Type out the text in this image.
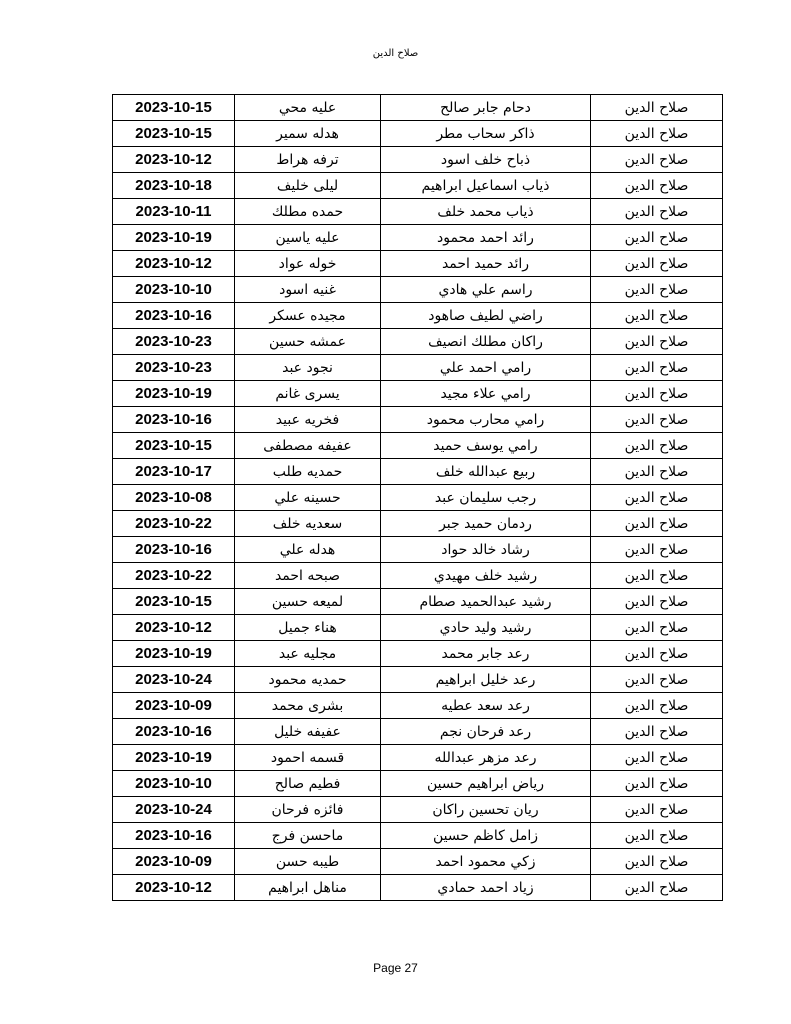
صلاح الدين
2023-10-15	عليه محي	دحام جابر صالح	صلاح الدين
2023-10-15	هدله سمير	ذاكر سحاب مطر	صلاح الدين
2023-10-12	ترفه هراط	ذباح خلف اسود	صلاح الدين
2023-10-18	ليلى خليف	ذياب اسماعيل ابراهيم	صلاح الدين
2023-10-11	حمده مطلك	ذياب محمد خلف	صلاح الدين
2023-10-19	عليه ياسين	رائد احمد محمود	صلاح الدين
2023-10-12	خوله عواد	رائد حميد احمد	صلاح الدين
2023-10-10	غنيه اسود	راسم علي هادي	صلاح الدين
2023-10-16	مجيده عسكر	راضي لطيف صاهود	صلاح الدين
2023-10-23	عمشه حسين	راكان مطلك انصيف	صلاح الدين
2023-10-23	نجود عبد	رامي احمد علي	صلاح الدين
2023-10-19	يسرى غانم	رامي علاء مجيد	صلاح الدين
2023-10-16	فخريه عبيد	رامي محارب محمود	صلاح الدين
2023-10-15	عفيفه مصطفى	رامي يوسف حميد	صلاح الدين
2023-10-17	حمديه طلب	ربيع عبدالله خلف	صلاح الدين
2023-10-08	حسينه علي	رجب سليمان عبد	صلاح الدين
2023-10-22	سعديه خلف	ردمان حميد جبر	صلاح الدين
2023-10-16	هدله علي	رشاد خالد حواد	صلاح الدين
2023-10-22	صبحه احمد	رشيد خلف مهيدي	صلاح الدين
2023-10-15	لميعه حسين	رشيد عبدالحميد صطام	صلاح الدين
2023-10-12	هناء جميل	رشيد وليد حادي	صلاح الدين
2023-10-19	مجليه عبد	رعد جابر محمد	صلاح الدين
2023-10-24	حمديه محمود	رعد خليل ابراهيم	صلاح الدين
2023-10-09	بشرى محمد	رعد سعد عطيه	صلاح الدين
2023-10-16	عفيفه خليل	رعد فرحان نجم	صلاح الدين
2023-10-19	قسمه احمود	رعد مزهر عبدالله	صلاح الدين
2023-10-10	فطيم صالح	رياض ابراهيم حسين	صلاح الدين
2023-10-24	فائزه فرحان	ريان تحسين راكان	صلاح الدين
2023-10-16	ماحسن فرج	زامل كاظم حسين	صلاح الدين
2023-10-09	طيبه حسن	زكي محمود احمد	صلاح الدين
2023-10-12	مناهل ابراهيم	زياد احمد حمادي	صلاح الدين
Page 27
